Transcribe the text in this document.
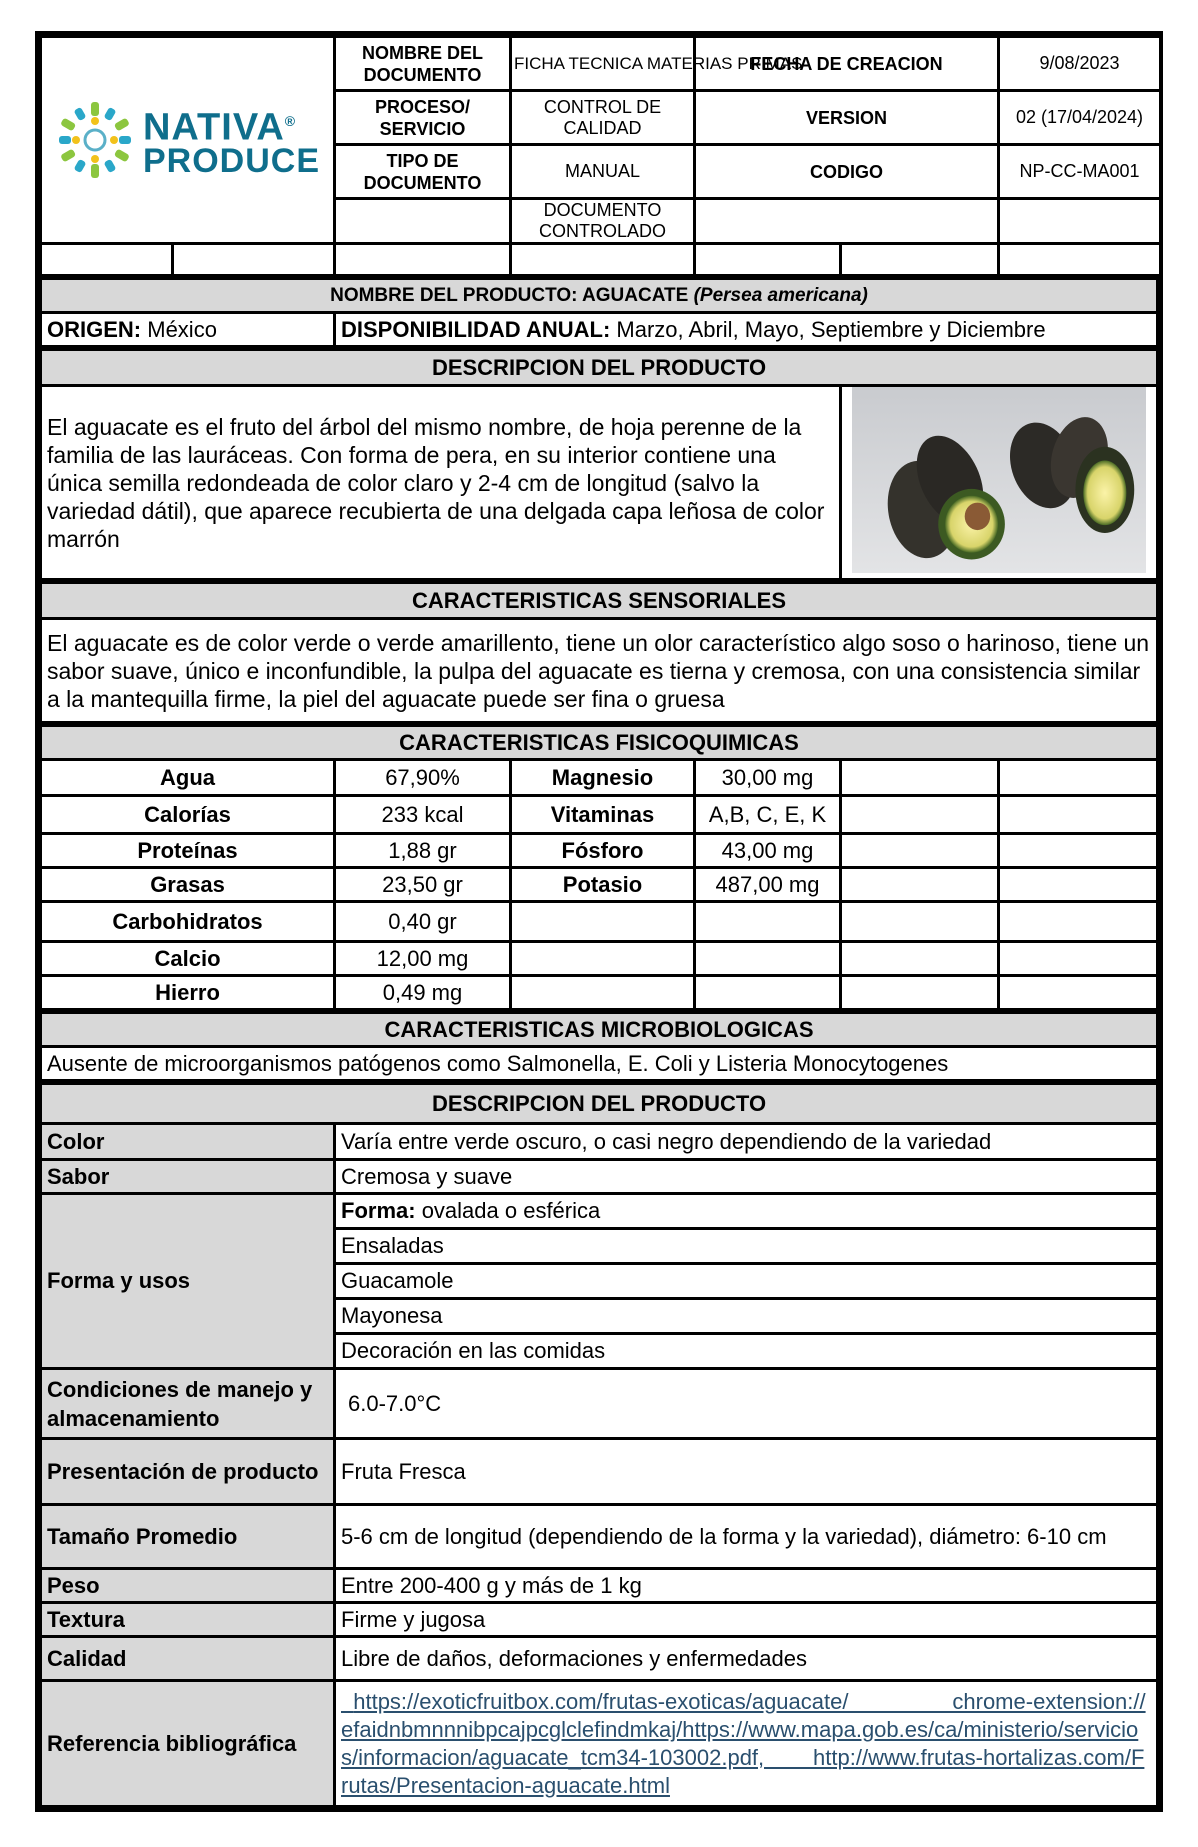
NATIVA®
PRODUCE		NOMBRE DEL DOCUMENTO	FICHA TECNICA MATERIAS PRIMAS	FECHA DE CREACION		9/08/2023
		PROCESO/ SERVICIO	CONTROL DE CALIDAD	VERSION		02 (17/04/2024)
		TIPO DE DOCUMENTO	MANUAL	CODIGO		NP-CC-MA001
			DOCUMENTO CONTROLADO			

NOMBRE DEL PRODUCTO: AGUACATE (Persea americana)
ORIGEN: México	DISPONIBILIDAD ANUAL: Marzo, Abril, Mayo, Septiembre y Diciembre
DESCRIPCION DEL PRODUCTO
El aguacate es el fruto del árbol del mismo nombre, de hoja perenne de la familia de las lauráceas. Con forma de pera, en su interior contiene una única semilla redondeada de color claro y 2-4 cm de longitud (salvo la variedad dátil), que aparece recubierta de una delgada capa leñosa de color marrón	
CARACTERISTICAS SENSORIALES
El aguacate es de color verde o verde amarillento, tiene un olor característico algo soso o harinoso, tiene un sabor suave, único e inconfundible, la pulpa del aguacate es tierna y cremosa, con una consistencia similar a la mantequilla firme, la piel del aguacate puede ser fina o gruesa
CARACTERISTICAS FISICOQUIMICAS					
Agua	67,90%	Magnesio	30,00 mg		
Calorías	233 kcal	Vitaminas	A,B, C, E, K		
Proteínas	1,88 gr	Fósforo	43,00 mg		
Grasas	23,50 gr	Potasio	487,00 mg		
Carbohidratos	0,40 gr				
Calcio	12,00 mg				
Hierro	0,49 mg				
CARACTERISTICAS MICROBIOLOGICAS
Ausente de microorganismos patógenos como Salmonella, E. Coli y Listeria Monocytogenes
DESCRIPCION DEL PRODUCTO	
Color	Varía entre verde oscuro, o casi negro dependiendo de la variedad
Sabor	Cremosa y suave
Forma y usos	Forma: ovalada o esférica
	Ensaladas
	Guacamole
	Mayonesa
	Decoración en las comidas
Condiciones de manejo y almacenamiento	6.0-7.0°C
Presentación de producto	Fruta Fresca
Tamaño Promedio	5-6 cm de longitud (dependiendo de la forma y la variedad), diámetro: 6-10 cm
Peso	Entre 200-400 g y más de 1 kg
Textura	Firme y jugosa
Calidad	Libre de daños, deformaciones y enfermedades
Referencia bibliográfica	https://exoticfruitbox.com/frutas-exoticas/aguacate/                 chrome-extension://efaidnbmnnnibpcajpcglclefindmkaj/https://www.mapa.gob.es/ca/ministerio/servicios/informacion/aguacate_tcm34-103002.pdf,        http://www.frutas-hortalizas.com/Frutas/Presentacion-aguacate.html
